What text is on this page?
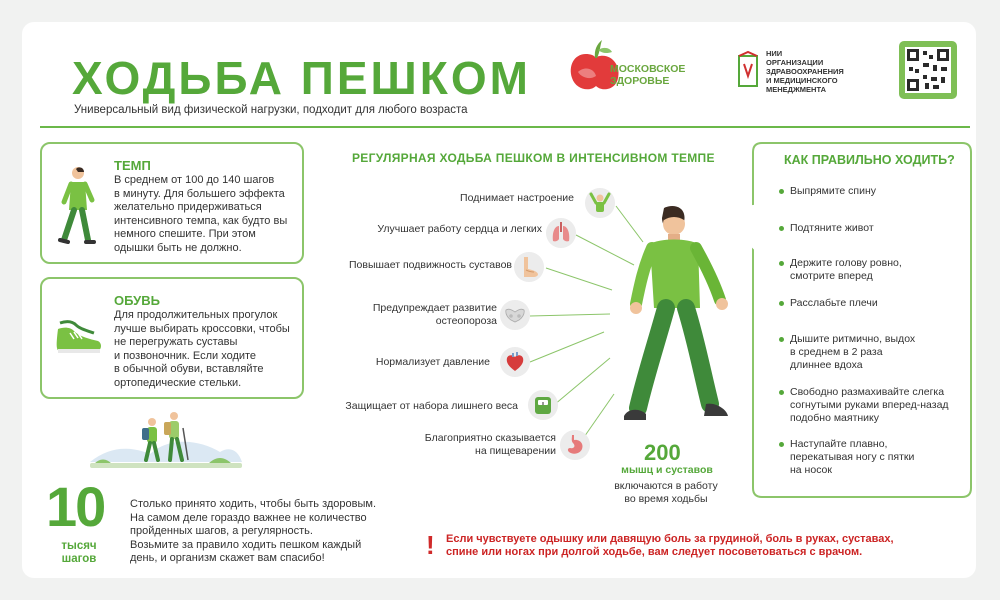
ХОДЬБА ПЕШКОМ
Универсальный вид физической нагрузки, подходит для любого возраста
МОСКОВСКОЕ
ЗДОРОВЬЕ
НИИ
ОРГАНИЗАЦИИ
ЗДРАВООХРАНЕНИЯ
И МЕДИЦИНСКОГО
МЕНЕДЖМЕНТА
ТЕМП
В среднем от 100 до 140 шагов
в минуту. Для большего эффекта
желательно придерживаться
интенсивного темпа, как будто вы
немного спешите. При этом
одышки быть не должно.
ОБУВЬ
Для продолжительных прогулок
лучше выбирать кроссовки, чтобы
не перегружать суставы
и позвоночник. Если ходите
в обычной обуви, вставляйте
ортопедические стельки.
РЕГУЛЯРНАЯ ХОДЬБА ПЕШКОМ В ИНТЕНСИВНОМ ТЕМПЕ
Поднимает настроение
Улучшает работу сердца и легких
Повышает подвижность суставов
Предупреждает развитие
остеопороза
Нормализует давление
Защищает от набора лишнего веса
Благоприятно сказывается
на пищеварении	200
мышц и суставов
включаются в работу
во время ходьбы
КАК ПРАВИЛЬНО ХОДИТЬ?
Выпрямите спину
Подтяните живот
Держите голову ровно,
смотрите вперед
Расслабьте плечи
Дышите ритмично, выдох
в среднем в 2 раза
длиннее вдоха
Свободно размахивайте слегка
согнутыми руками вперед-назад
подобно маятнику
Наступайте плавно,
перекатывая ногу с пятки
на носок
10
тысяч
шагов
Столько принято ходить, чтобы быть здоровым.
На самом деле гораздо важнее не количество
пройденных шагов, а регулярность.
Возьмите за правило ходить пешком каждый
день, и организм скажет вам спасибо!	! Если чувствуете одышку или давящую боль за грудиной, боль в руках, суставах,
спине или ногах при долгой ходьбе, вам следует посоветоваться с врачом.
